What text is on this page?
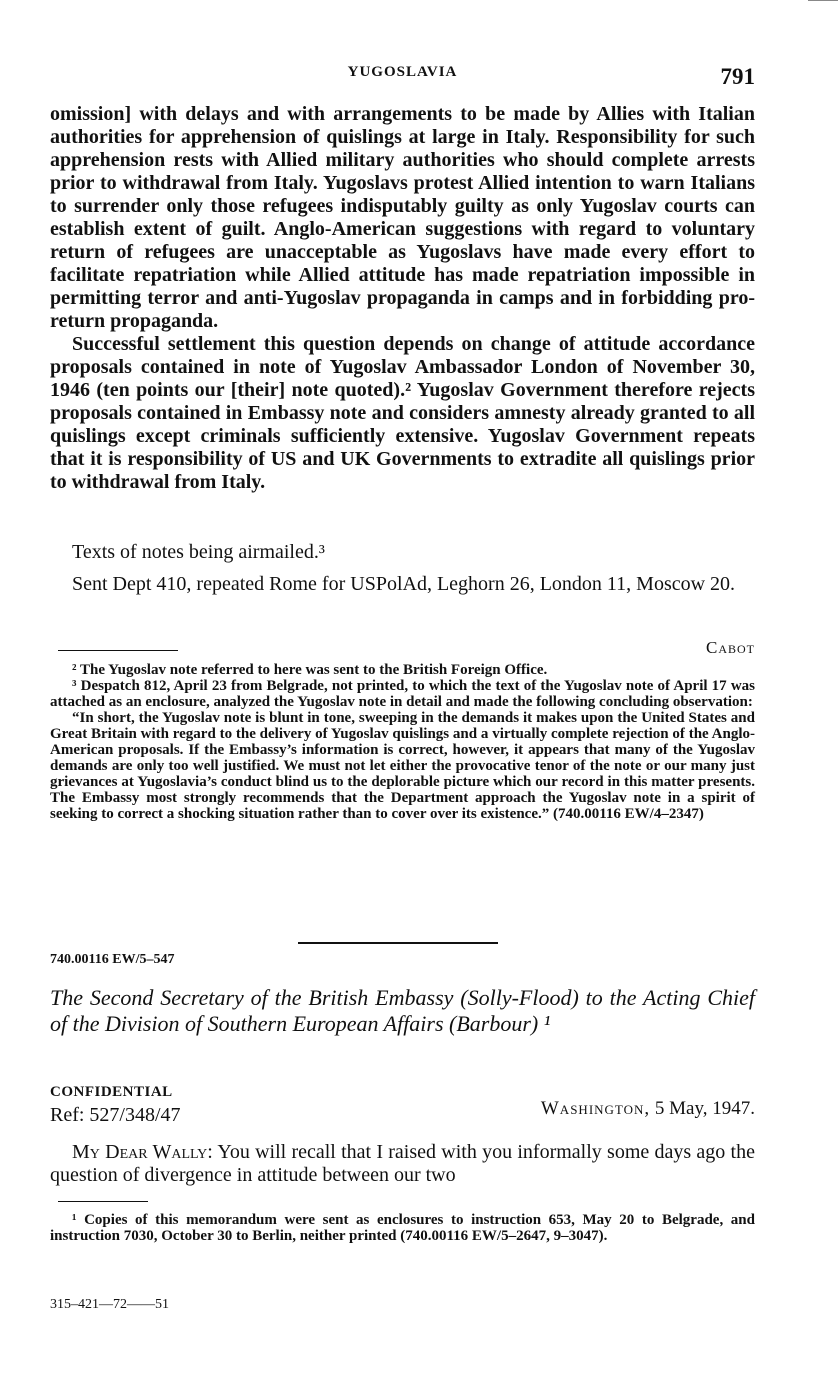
YUGOSLAVIA	791

omission] with delays and with arrangements to be made by Allies with Italian authorities for apprehension of quislings at large in Italy. Responsibility for such apprehension rests with Allied military authorities who should complete arrests prior to withdrawal from Italy. Yugoslavs protest Allied intention to warn Italians to surrender only those refugees indisputably guilty as only Yugoslav courts can establish extent of guilt. Anglo-American suggestions with regard to voluntary return of refugees are unacceptable as Yugoslavs have made every effort to facilitate repatriation while Allied attitude has made repatriation impossible in permitting terror and anti-Yugoslav propaganda in camps and in forbidding pro-return propaganda.

Successful settlement this question depends on change of attitude accordance proposals contained in note of Yugoslav Ambassador London of November 30, 1946 (ten points our [their] note quoted).² Yugoslav Government therefore rejects proposals contained in Embassy note and considers amnesty already granted to all quislings except criminals sufficiently extensive. Yugoslav Government repeats that it is responsibility of US and UK Governments to extradite all quislings prior to withdrawal from Italy.

Texts of notes being airmailed.³
Sent Dept 410, repeated Rome for USPolAd, Leghorn 26, London 11, Moscow 20.
Cabot

² The Yugoslav note referred to here was sent to the British Foreign Office.

³ Despatch 812, April 23 from Belgrade, not printed, to which the text of the Yugoslav note of April 17 was attached as an enclosure, analyzed the Yugoslav note in detail and made the following concluding observation:

“In short, the Yugoslav note is blunt in tone, sweeping in the demands it makes upon the United States and Great Britain with regard to the delivery of Yugoslav quislings and a virtually complete rejection of the Anglo-American proposals. If the Embassy’s information is correct, however, it appears that many of the Yugoslav demands are only too well justified. We must not let either the provocative tenor of the note or our many just grievances at Yugoslavia’s conduct blind us to the deplorable picture which our record in this matter presents. The Embassy most strongly recommends that the Department approach the Yugoslav note in a spirit of seeking to correct a shocking situation rather than to cover over its existence.” (740.00116 EW/4–2347)

740.00116 EW/5–547
The Second Secretary of the British Embassy (Solly-Flood) to the Acting Chief of the Division of Southern European Affairs (Barbour) ¹
CONFIDENTIAL
Ref: 527/348/47	Washington, 5 May, 1947.

My Dear Wally: You will recall that I raised with you informally some days ago the question of divergence in attitude between our two

¹ Copies of this memorandum were sent as enclosures to instruction 653, May 20 to Belgrade, and instruction 7030, October 30 to Berlin, neither printed (740.00116 EW/5–2647, 9–3047).

315–421—72——51
